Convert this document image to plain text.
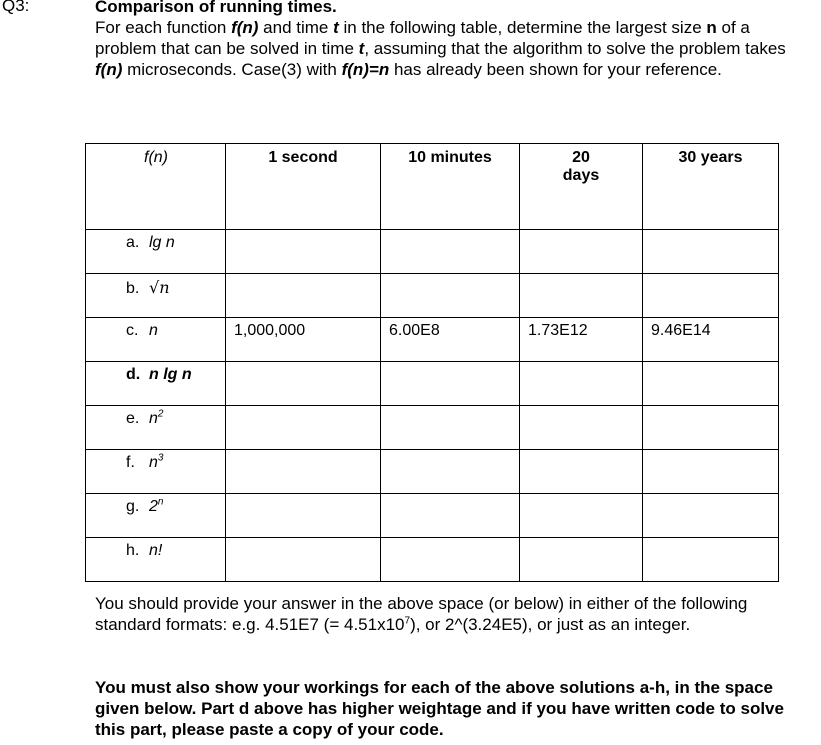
Q3:	Comparison of running times.
For each function f(n) and time t in the following table, determine the largest size n of a problem that can be solved in time t, assuming that the algorithm to solve the problem takes f(n) microseconds. Case(3) with f(n)=n has already been shown for your reference.
f(n)	1 second	10 minutes	20 days	30 years
a. lg n				
b. √n				
c. n	1,000,000	6.00E8	1.73E12	9.46E14
d. n lg n				
e. $n^2$				
f. $n^3$				
g. 2$^n$				
h. n!				
You should provide your answer in the above space (or below) in either of the following standard formats: e.g. 4.51E7 (= $4.51x10^7$), or 2^(3.24E5), or just as an integer.
You must also show your workings for each of the above solutions a-h, in the space given below. Part d above has higher weightage and if you have written code to solve this part, please paste a copy of your code.
